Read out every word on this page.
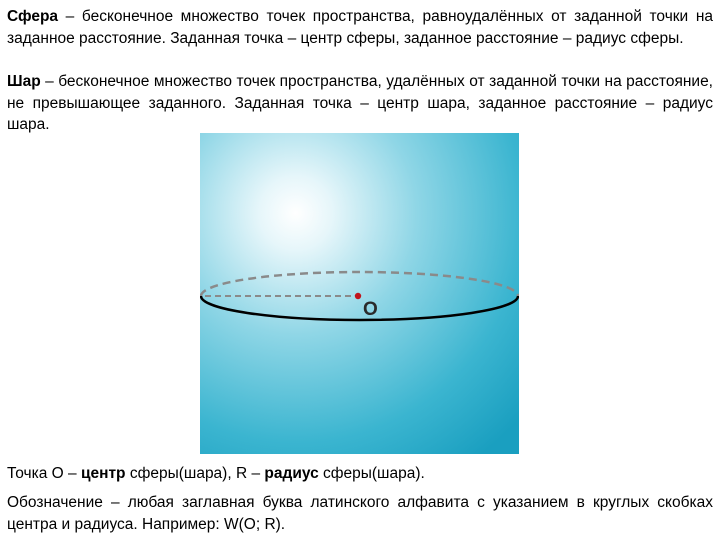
Сфера – бесконечное множество точек пространства, равноудалённых от заданной точки на заданное расстояние. Заданная точка – центр сферы, заданное расстояние – радиус сферы.

Шар – бесконечное множество точек пространства, удалённых от заданной точки на расстояние, не превышающее заданного. Заданная точка – центр шара, заданное расстояние – радиус шара.

О

Точка О – центр сферы(шара), R – радиус сферы(шара).

Обозначение – любая заглавная буква латинского алфавита с указанием в круглых скобках центра и радиуса. Например: W(O; R).
